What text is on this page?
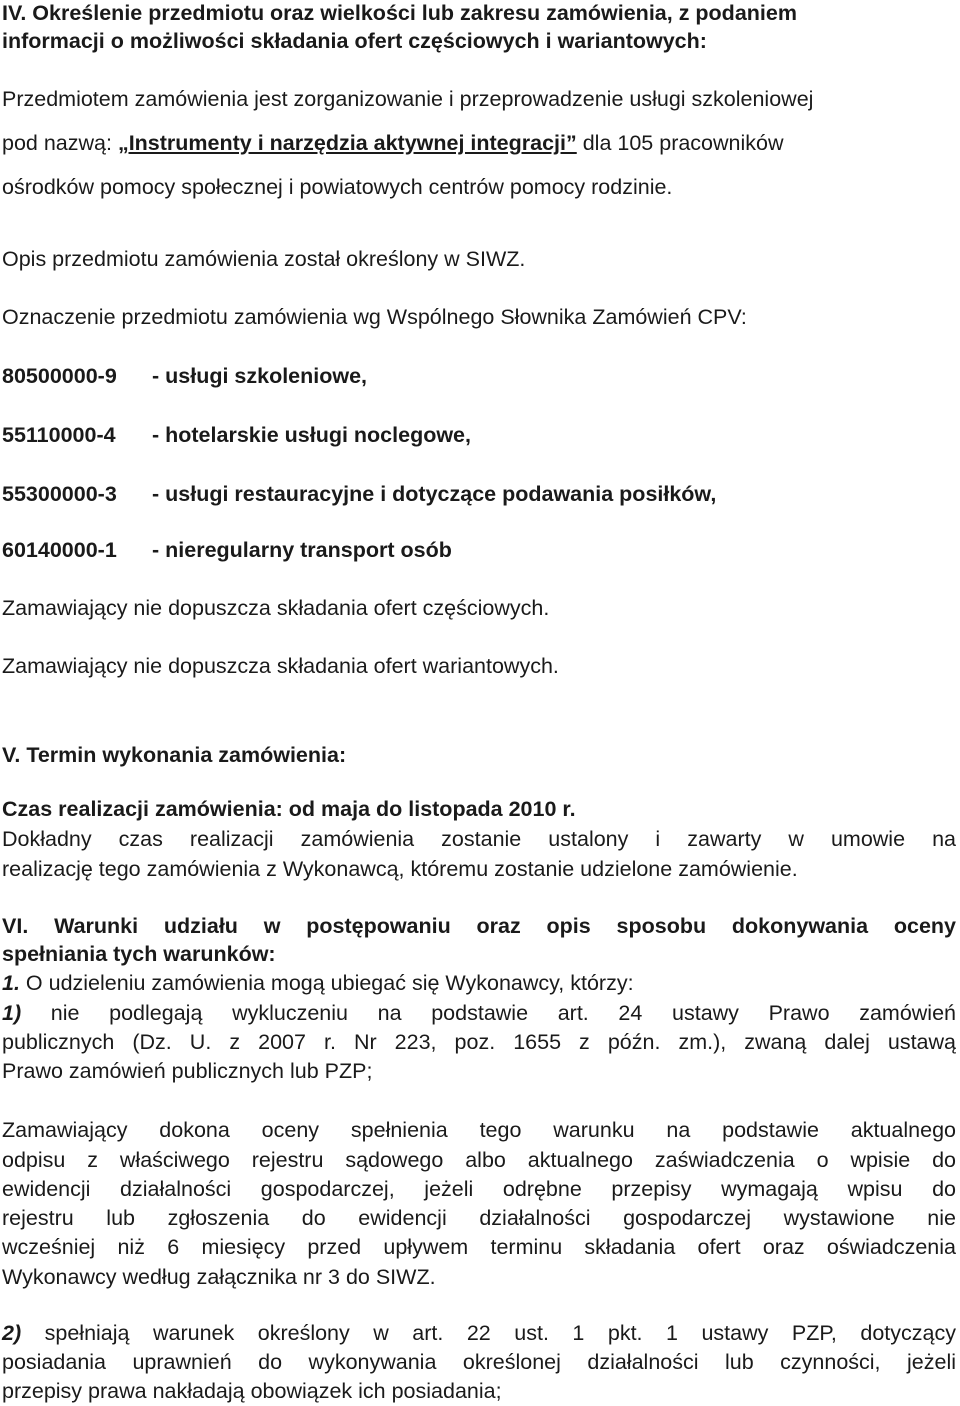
IV. Określenie przedmiotu oraz wielkości lub zakresu zamówienia, z podaniem
informacji o możliwości składania ofert częściowych i wariantowych:
Przedmiotem zamówienia jest zorganizowanie i przeprowadzenie usługi szkoleniowej
pod nazwą: „Instrumenty i narzędzia aktywnej integracji” dla 105 pracowników
ośrodków pomocy społecznej i powiatowych centrów pomocy rodzinie.
Opis przedmiotu zamówienia został określony w SIWZ.
Oznaczenie przedmiotu zamówienia wg Wspólnego Słownika Zamówień CPV:
80500000-9 - usługi szkoleniowe,
55110000-4 - hotelarskie usługi noclegowe,
55300000-3 - usługi restauracyjne i dotyczące podawania posiłków,
60140000-1 - nieregularny transport osób
Zamawiający nie dopuszcza składania ofert częściowych.
Zamawiający nie dopuszcza składania ofert wariantowych.
V. Termin wykonania zamówienia:
Czas realizacji zamówienia: od maja do listopada 2010 r.
Dokładny czas realizacji zamówienia zostanie ustalony i zawarty w umowie na
realizację tego zamówienia z Wykonawcą, któremu zostanie udzielone zamówienie.
VI. Warunki udziału w postępowaniu oraz opis sposobu dokonywania oceny
spełniania tych warunków:
1. O udzieleniu zamówienia mogą ubiegać się Wykonawcy, którzy:
1) nie podlegają wykluczeniu na podstawie art. 24 ustawy Prawo zamówień
publicznych (Dz. U. z 2007 r. Nr 223, poz. 1655 z późn. zm.), zwaną dalej ustawą
Prawo zamówień publicznych lub PZP;
Zamawiający dokona oceny spełnienia tego warunku na podstawie aktualnego
odpisu z właściwego rejestru sądowego albo aktualnego zaświadczenia o wpisie do
ewidencji działalności gospodarczej, jeżeli odrębne przepisy wymagają wpisu do
rejestru lub zgłoszenia do ewidencji działalności gospodarczej wystawione nie
wcześniej niż 6 miesięcy przed upływem terminu składania ofert oraz oświadczenia
Wykonawcy według załącznika nr 3 do SIWZ.
2) spełniają warunek określony w art. 22 ust. 1 pkt. 1 ustawy PZP, dotyczący
posiadania uprawnień do wykonywania określonej działalności lub czynności, jeżeli
przepisy prawa nakładają obowiązek ich posiadania;
